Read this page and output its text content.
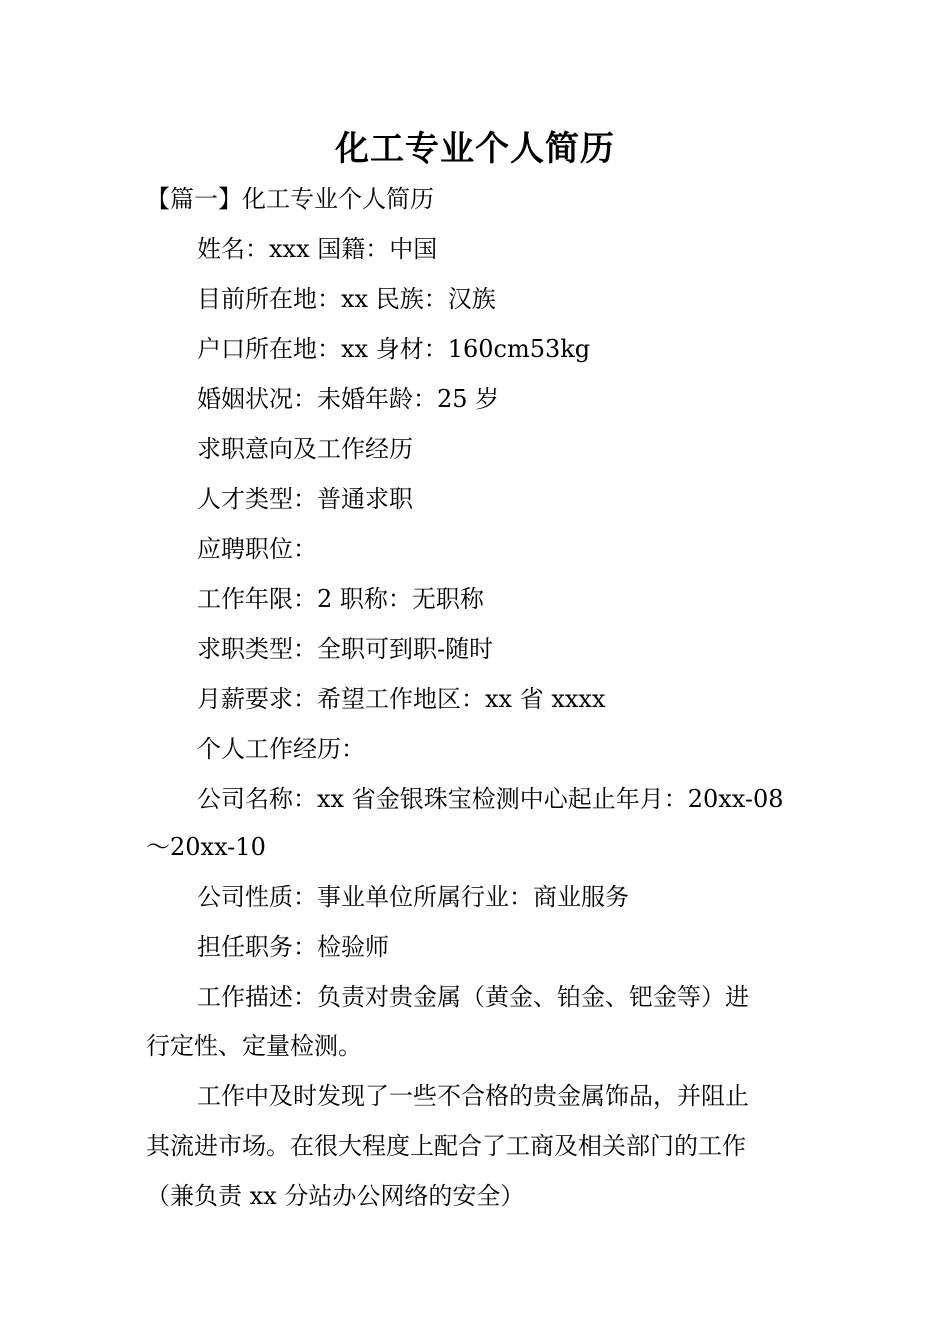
化工专业个人简历
【篇一】化工专业个人简历
姓名：xxx 国籍：中国
目前所在地：xx 民族：汉族
户口所在地：xx 身材：160cm53kg
婚姻状况：未婚年龄：25 岁
求职意向及工作经历
人才类型：普通求职
应聘职位：
工作年限：2 职称：无职称
求职类型：全职可到职-随时
月薪要求：希望工作地区：xx 省 xxxx
个人工作经历：
公司名称：xx 省金银珠宝检测中心起止年月：20xx-08
～20xx-10
公司性质：事业单位所属行业：商业服务
担任职务：检验师
工作描述：负责对贵金属（黄金、铂金、钯金等）进
行定性、定量检测。
工作中及时发现了一些不合格的贵金属饰品，并阻止
其流进市场。在很大程度上配合了工商及相关部门的工作
（兼负责 xx 分站办公网络的安全）
